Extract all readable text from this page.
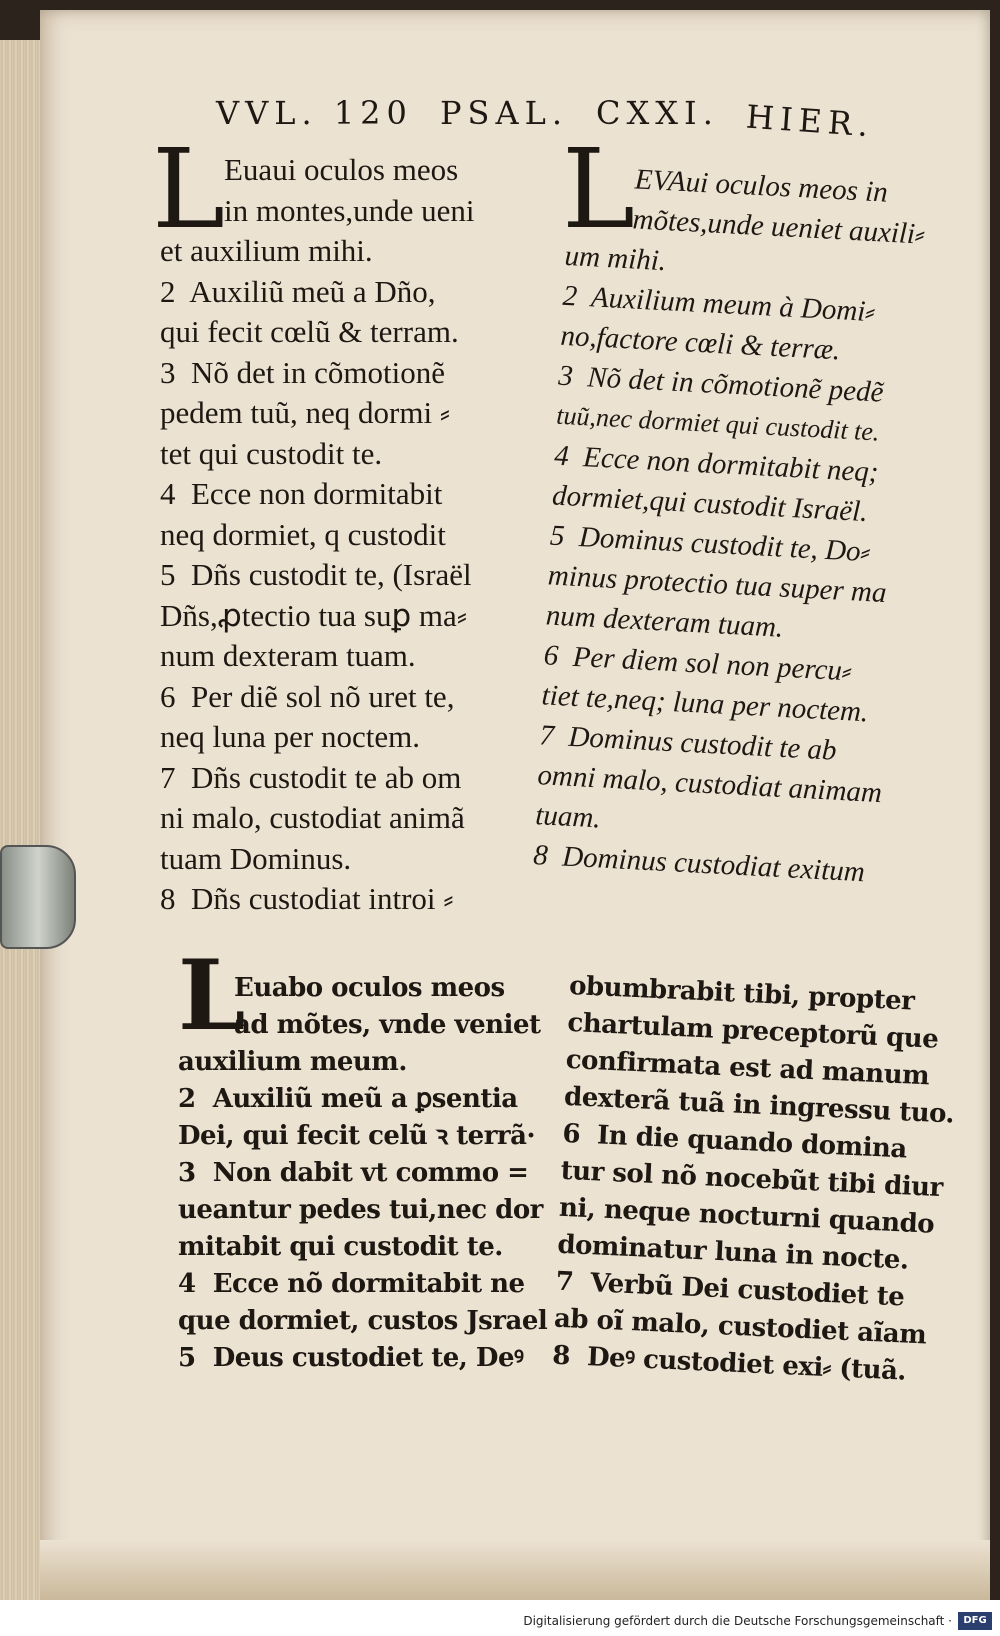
VVL. 120 PSAL. CXXI. HIER.
L
Euaui oculos meos
in montes,unde ueni
et auxilium mihi.
2  Auxiliũ meũ a Dño,
qui fecit cœlũ & terram.
3  Nõ det in cõmotionẽ
pedem tuũ, neq dormi ⸗
tet qui custodit te.
4  Ecce non dormitabit
neq dormiet, q custodit
5  Dñs custodit te, (Israël
Dñs,ꝓtectio tua suꝑ ma⸗
num dexteram tuam.
6  Per diẽ sol nõ uret te,
neq luna per noctem.
7  Dñs custodit te ab om
ni malo, custodiat animã
tuam Dominus.
8  Dñs custodiat introi ⸗
L
EVAui oculos meos in
mõtes,unde ueniet auxili⸗
um mihi.
2  Auxilium meum à Domi⸗
no,factore cœli & terræ.
3  Nõ det in cõmotionẽ pedẽ
tuũ,nec dormiet qui custodit te.
4  Ecce non dormitabit neq;
dormiet,qui custodit Israël.
5  Dominus custodit te, Do⸗
minus protectio tua super ma
num dexteram tuam.
6  Per diem sol non percu⸗
tiet te,neq; luna per noctem.
7  Dominus custodit te ab
omni malo, custodiat animam
tuam.
8  Dominus custodiat exitum
L
Euabo oculos meos
ad mõtes, vnde veniet
auxilium meum.
2  Auxiliũ meũ a ꝑsentia
Dei, qui fecit celũ ꝛ terrã·
3  Non dabit vt commo =
ueantur pedes tui,nec dor
mitabit qui custodit te.
4  Ecce nõ dormitabit ne
que dormiet, custos Jsrael
5  Deus custodiet te, Deꝰ
obumbrabit tibi, propter
chartulam preceptorũ que
confirmata est ad manum
dexterã tuã in ingressu tuo.
6  In die quando domina
tur sol nõ nocebũt tibi diur
ni, neque nocturni quando
dominatur luna in nocte.
7  Verbũ Dei custodiet te
ab oĩ malo, custodiet aĩam
8  Deꝰ custodiet exi⸗ (tuã.
Digitalisierung gefördert durch die Deutsche Forschungsgemeinschaft ·	DFG
